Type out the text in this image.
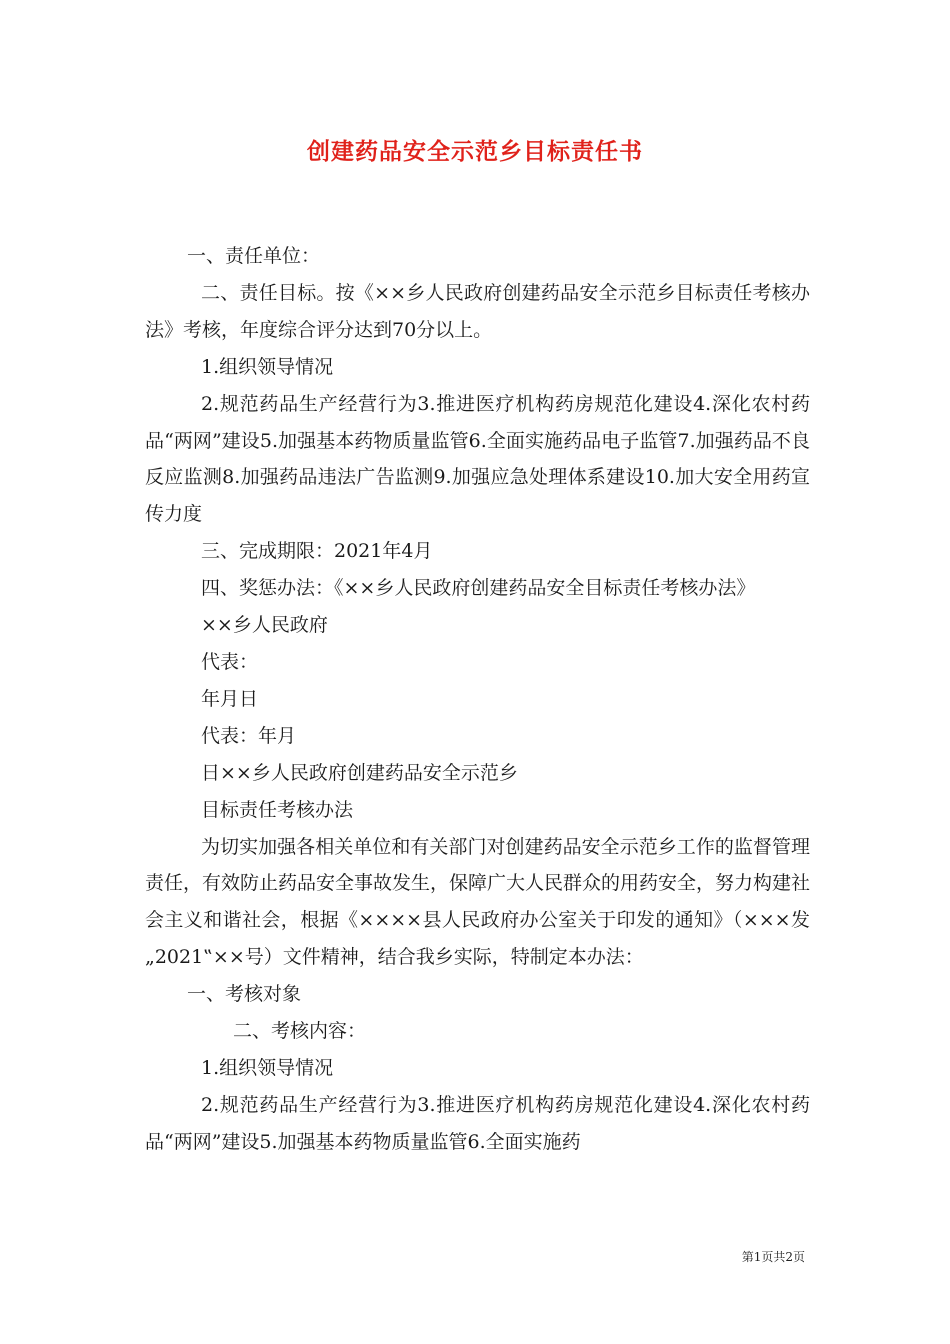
创建药品安全示范乡目标责任书

一、责任单位：

二、责任目标。按《××乡人民政府创建药品安全示范乡目标责任考核办法》考核，年度综合评分达到70分以上。

1.组织领导情况

2.规范药品生产经营行为3.推进医疗机构药房规范化建设4.深化农村药品“两网”建设5.加强基本药物质量监管6.全面实施药品电子监管7.加强药品不良反应监测8.加强药品违法广告监测9.加强应急处理体系建设10.加大安全用药宣传力度

三、完成期限：2021年4月

四、奖惩办法：《××乡人民政府创建药品安全目标责任考核办法》

××乡人民政府

代表：

年月日

代表：年月

日××乡人民政府创建药品安全示范乡

目标责任考核办法

为切实加强各相关单位和有关部门对创建药品安全示范乡工作的监督管理责任，有效防止药品安全事故发生，保障广大人民群众的用药安全，努力构建社会主义和谐社会，根据《××××县人民政府办公室关于印发的通知》（×××发„2021‟××号）文件精神，结合我乡实际，特制定本办法：

一、考核对象

二、考核内容：

1.组织领导情况

2.规范药品生产经营行为3.推进医疗机构药房规范化建设4.深化农村药品“两网”建设5.加强基本药物质量监管6.全面实施药

第1页共2页
